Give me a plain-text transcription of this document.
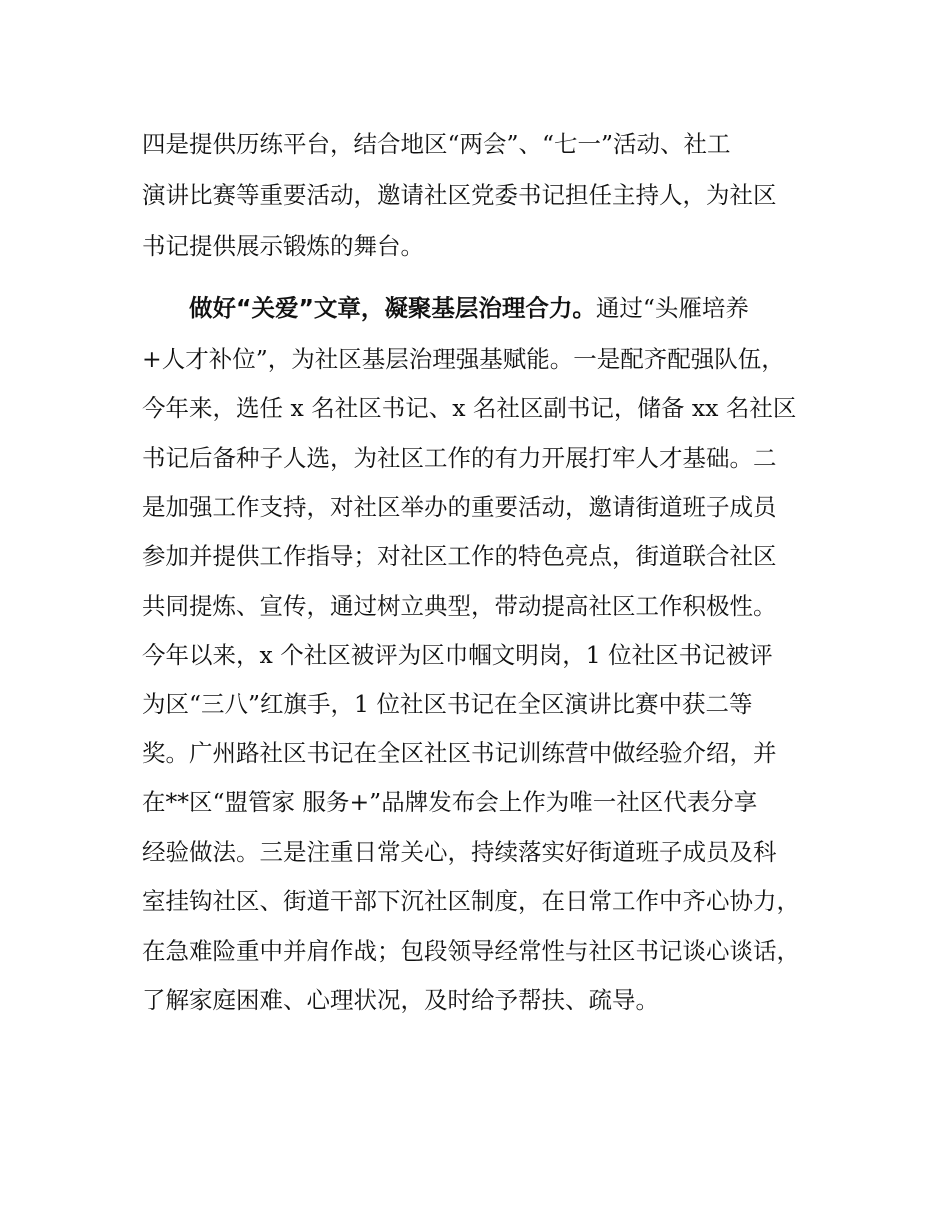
四是提供历练平台，结合地区“两会”、“七一”活动、社工
演讲比赛等重要活动，邀请社区党委书记担任主持人，为社区
书记提供展示锻炼的舞台。
做好“关爱”文章，凝聚基层治理合力。通过“头雁培养
+人才补位”，为社区基层治理强基赋能。一是配齐配强队伍，
今年来，选任 x 名社区书记、x 名社区副书记，储备 xx 名社区
书记后备种子人选，为社区工作的有力开展打牢人才基础。二
是加强工作支持，对社区举办的重要活动，邀请街道班子成员
参加并提供工作指导；对社区工作的特色亮点，街道联合社区
共同提炼、宣传，通过树立典型，带动提高社区工作积极性。
今年以来，x 个社区被评为区巾帼文明岗，1 位社区书记被评
为区“三八”红旗手，1 位社区书记在全区演讲比赛中获二等
奖。广州路社区书记在全区社区书记训练营中做经验介绍，并
在**区“盟管家 服务+”品牌发布会上作为唯一社区代表分享
经验做法。三是注重日常关心，持续落实好街道班子成员及科
室挂钩社区、街道干部下沉社区制度，在日常工作中齐心协力，
在急难险重中并肩作战；包段领导经常性与社区书记谈心谈话，
了解家庭困难、心理状况，及时给予帮扶、疏导。
